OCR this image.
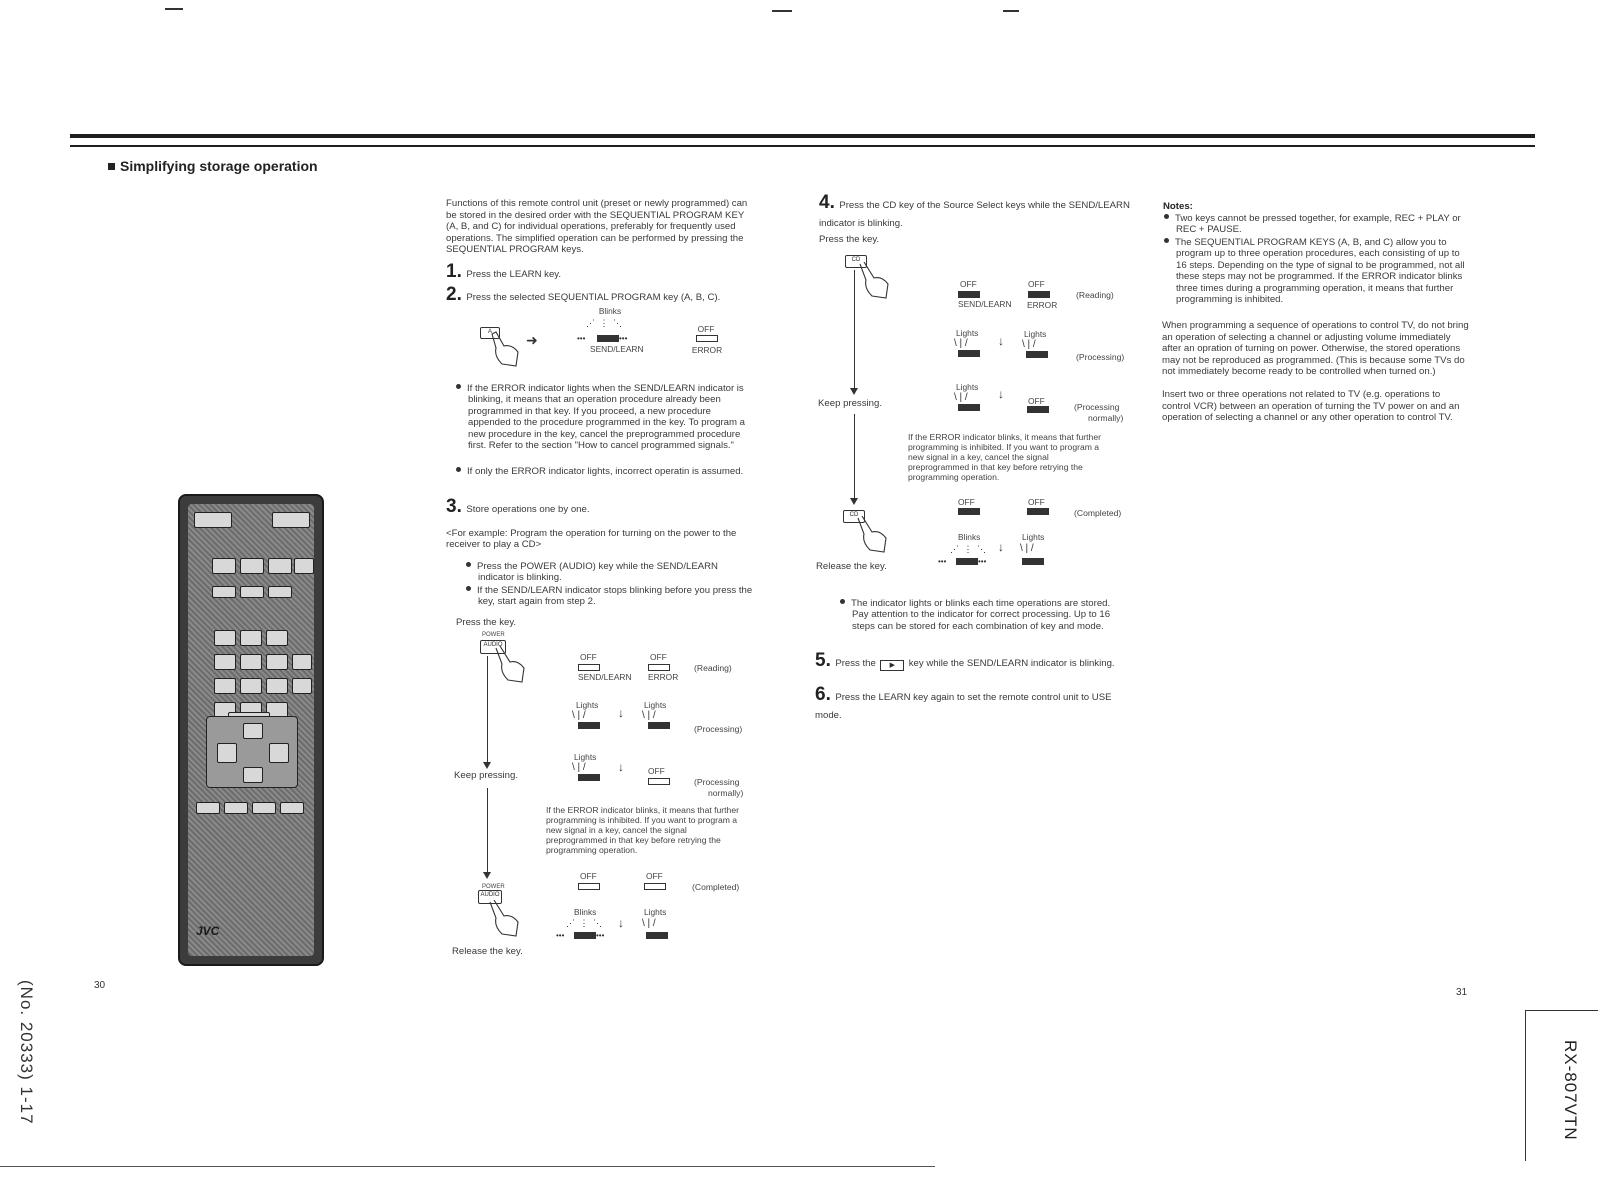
Simplifying storage operation
JVC
Functions of this remote control unit (preset or newly programmed) can be stored in the desired order with the SEQUENTIAL PROGRAM KEY (A, B, and C) for individual operations, preferably for frequently used operations. The simplified operation can be performed by pressing the SEQUENTIAL PROGRAM keys.
1. Press the LEARN key.
2. Press the selected SEQUENTIAL PROGRAM key (A, B, C).
A	➜
Blinks
⋰ ⋮ ⋱
•••	•••
SEND/LEARN
OFF
ERROR
If the ERROR indicator lights when the SEND/LEARN indicator is blinking, it means that an operation procedure already been programmed in that key. If you proceed, a new procedure appended to the procedure programmed in the key. To program a new procedure in the key, cancel the preprogrammed procedure first. Refer to the section "How to cancel programmed signals."
If only the ERROR indicator lights, incorrect operatin is assumed.
3. Store operations one by one.
<For example: Program the operation for turning on the power to the receiver to play a CD>
Press the POWER (AUDIO) key while the SEND/LEARN indicator is blinking.
If the SEND/LEARN indicator stops blinking before you press the key, start again from step 2.
Press the key.
POWER
AUDIO
Keep pressing.
POWER
AUDIO
Release the key.
OFF
SEND/LEARN
OFF
ERROR
(Reading)
Lights
\ | /	↓
Lights
\ | /
(Processing)
Lights
\ | /	↓	OFF
(Processing
normally)
If the ERROR indicator blinks, it means that further programming is inhibited. If you want to program a new signal in a key, cancel the signal preprogrammed in that key before retrying the programming operation.
OFF	OFF
(Completed)
Blinks
⋰ ⋮ ⋱
•••	•••
↓
Lights
\ | /
4. Press the CD key of the Source Select keys while the SEND/LEARN indicator is blinking.
Press the key.
CD
Keep pressing.
CD
Release the key.
OFF
SEND/LEARN
OFF
ERROR
(Reading)
Lights
\ | /	↓ Lights
\ | /
(Processing)
Lights
\ | /	↓	OFF
(Processing
normally)
If the ERROR indicator blinks, it means that further programming is inhibited. If you want to program a new signal in a key, cancel the signal preprogrammed in that key before retrying the programming operation.
OFF	OFF
(Completed)
Blinks
⋰ ⋮ ⋱
•••	•••
↓
Lights
\ | /
The indicator lights or blinks each time operations are stored. Pay attention to the indicator for correct processing. Up to 16 steps can be stored for each combination of key and mode.
5. Press the ▶ key while the SEND/LEARN indicator is blinking.
6. Press the LEARN key again to set the remote control unit to USE mode.
Notes:
Two keys cannot be pressed together, for example, REC + PLAY or REC + PAUSE.
The SEQUENTIAL PROGRAM KEYS (A, B, and C) allow you to program up to three operation procedures, each consisting of up to 16 steps. Depending on the type of signal to be programmed, not all these steps may not be programmed. If the ERROR indicator blinks three times during a programming operation, it means that further programming is inhibited.
When programming a sequence of operations to control TV, do not bring an operation of selecting a channel or adjusting volume immediately after an opration of turning on power. Otherwise, the stored operations may not be reproduced as programmed. (This is because some TVs do not immediately become ready to be controlled when turned on.)
Insert two or three operations not related to TV (e.g. operations to control VCR) between an operation of turning the TV power on and an operation of selecting a channel or any other operation to control TV.
30
31
(No. 20333) 1-17	RX-807VTN
